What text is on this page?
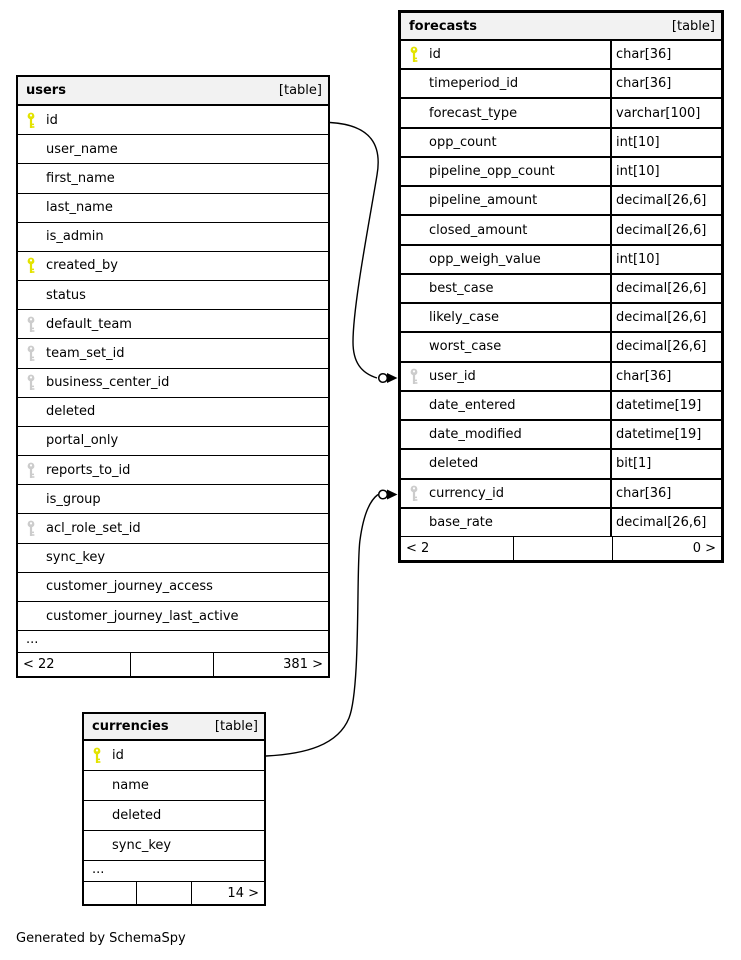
users	[table]
id
user_name
first_name
last_name
is_admin
created_by
status
default_team
team_set_id
business_center_id
deleted
portal_only
reports_to_id
is_group
acl_role_set_id
sync_key
customer_journey_access
customer_journey_last_active
...
< 22	381 >
forecasts	[table]
id	char[36]
timeperiod_id	char[36]
forecast_type	varchar[100]
opp_count	int[10]
pipeline_opp_count	int[10]
pipeline_amount	decimal[26,6]
closed_amount	decimal[26,6]
opp_weigh_value	int[10]
best_case	decimal[26,6]
likely_case	decimal[26,6]
worst_case	decimal[26,6]
user_id	char[36]
date_entered	datetime[19]
date_modified	datetime[19]
deleted	bit[1]
currency_id	char[36]
base_rate	decimal[26,6]
< 2	0 >
currencies	[table]
id
name
deleted
sync_key
...
14 >
Generated by SchemaSpy
